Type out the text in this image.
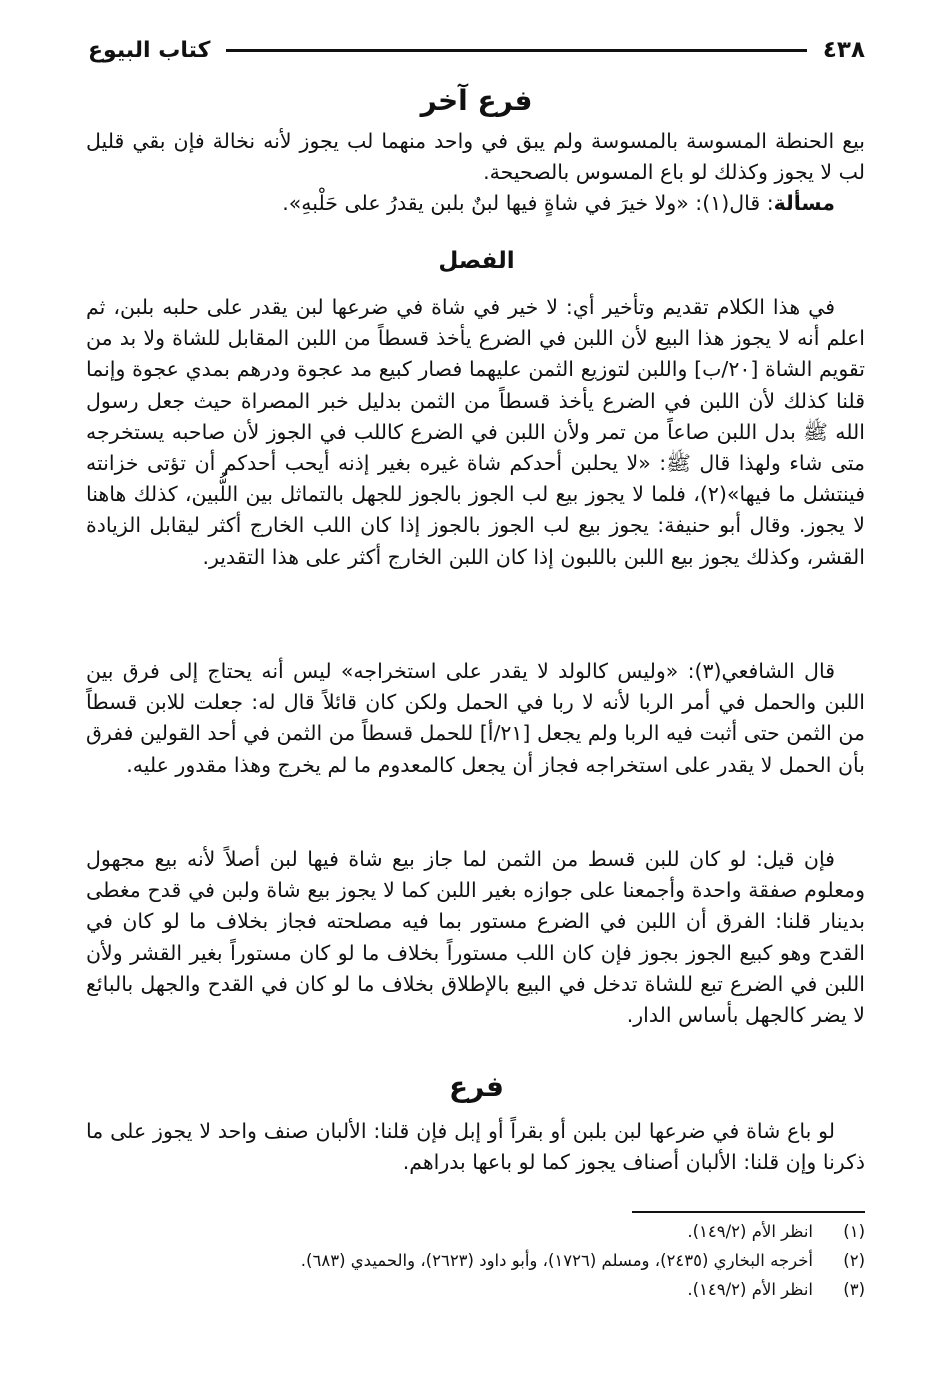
٤٣٨
كتاب البيوع
فرع آخر
بيع الحنطة المسوسة بالمسوسة ولم يبق في واحد منهما لب يجوز لأنه نخالة فإن بقي قليل لب لا يجوز وكذلك لو باع المسوس بالصحيحة.
مسألة: قال(١): «ولا خيرَ في شاةٍ فيها لبنٌ بلبن يقدرُ على حَلْبهِ».
الفصل
في هذا الكلام تقديم وتأخير أي: لا خير في شاة في ضرعها لبن يقدر على حلبه بلبن، ثم اعلم أنه لا يجوز هذا البيع لأن اللبن في الضرع يأخذ قسطاً من اللبن المقابل للشاة ولا بد من تقويم الشاة [٢٠/ب] واللبن لتوزيع الثمن عليهما فصار كبيع مد عجوة ودرهم بمدي عجوة وإنما قلنا كذلك لأن اللبن في الضرع يأخذ قسطاً من الثمن بدليل خبر المصراة حيث جعل رسول الله ﷺ بدل اللبن صاعاً من تمر ولأن اللبن في الضرع كاللب في الجوز لأن صاحبه يستخرجه متى شاء ولهذا قال ﷺ: «لا يحلبن أحدكم شاة غيره بغير إذنه أيحب أحدكم أن تؤتى خزانته فينتشل ما فيها»(٢)، فلما لا يجوز بيع لب الجوز بالجوز للجهل بالتماثل بين اللُّبين، كذلك هاهنا لا يجوز. وقال أبو حنيفة: يجوز بيع لب الجوز بالجوز إذا كان اللب الخارج أكثر ليقابل الزيادة القشر، وكذلك يجوز بيع اللبن باللبون إذا كان اللبن الخارج أكثر على هذا التقدير.
قال الشافعي(٣): «وليس كالولد لا يقدر على استخراجه» ليس أنه يحتاج إلى فرق بين اللبن والحمل في أمر الربا لأنه لا ربا في الحمل ولكن كان قائلاً قال له: جعلت للابن قسطاً من الثمن حتى أثبت فيه الربا ولم يجعل [٢١/أ] للحمل قسطاً من الثمن في أحد القولين ففرق بأن الحمل لا يقدر على استخراجه فجاز أن يجعل كالمعدوم ما لم يخرج وهذا مقدور عليه.
فإن قيل: لو كان للبن قسط من الثمن لما جاز بيع شاة فيها لبن أصلاً لأنه بيع مجهول ومعلوم صفقة واحدة وأجمعنا على جوازه بغير اللبن كما لا يجوز بيع شاة ولبن في قدح مغطى بدينار قلنا: الفرق أن اللبن في الضرع مستور بما فيه مصلحته فجاز بخلاف ما لو كان في القدح وهو كبيع الجوز بجوز فإن كان اللب مستوراً بخلاف ما لو كان مستوراً بغير القشر ولأن اللبن في الضرع تبع للشاة تدخل في البيع بالإطلاق بخلاف ما لو كان في القدح والجهل بالبائع لا يضر كالجهل بأساس الدار.
فرع
لو باع شاة في ضرعها لبن بلبن أو بقراً أو إبل فإن قلنا: الألبان صنف واحد لا يجوز على ما ذكرنا وإن قلنا: الألبان أصناف يجوز كما لو باعها بدراهم.
(١)
انظر الأم (١٤٩/٢).
(٢)
أخرجه البخاري (٢٤٣٥)، ومسلم (١٧٢٦)، وأبو داود (٢٦٢٣)، والحميدي (٦٨٣).
(٣)
انظر الأم (١٤٩/٢).
